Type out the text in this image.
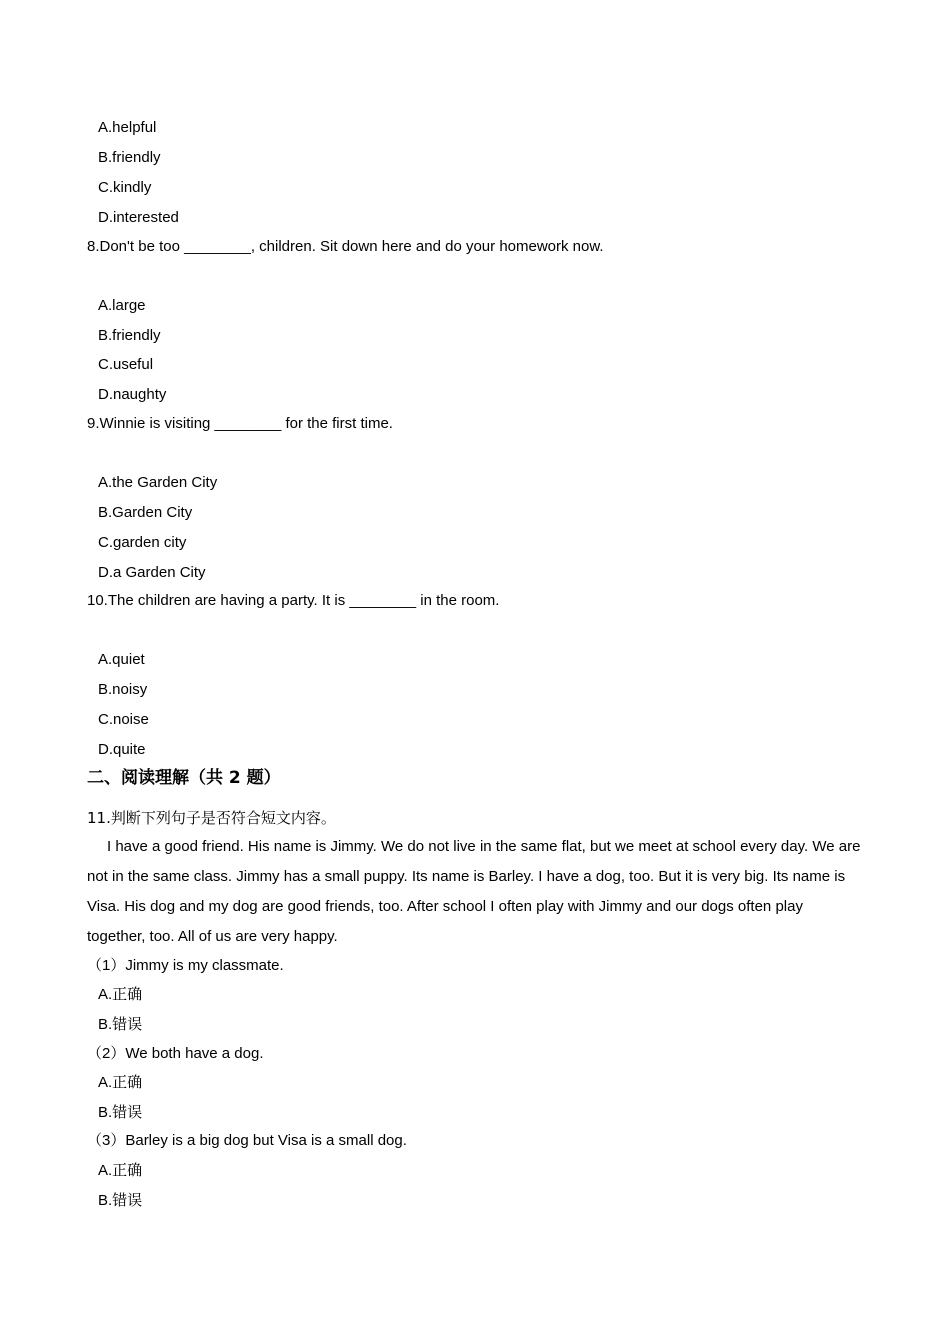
A.helpful
B.friendly
C.kindly
D.interested
8.Don't be too ________, children. Sit down here and do your homework now.
A.large
B.friendly
C.useful
D.naughty
9.Winnie is visiting ________ for the first time.
A.the Garden City
B.Garden City
C.garden city
D.a Garden City
10.The children are having a party. It is ________ in the room.
A.quiet
B.noisy
C.noise
D.quite
二、阅读理解（共 2 题）
11.判断下列句子是否符合短文内容。
I have a good friend. His name is Jimmy. We do not live in the same flat, but we meet at school every day. We are not in the same class. Jimmy has a small puppy. Its name is Barley. I have a dog, too. But it is very big. Its name is Visa. His dog and my dog are good friends, too. After school I often play with Jimmy and our dogs often play together, too. All of us are very happy.
（1）Jimmy is my classmate.
A.正确
B.错误
（2）We both have a dog.
A.正确
B.错误
（3）Barley is a big dog but Visa is a small dog.
A.正确
B.错误
